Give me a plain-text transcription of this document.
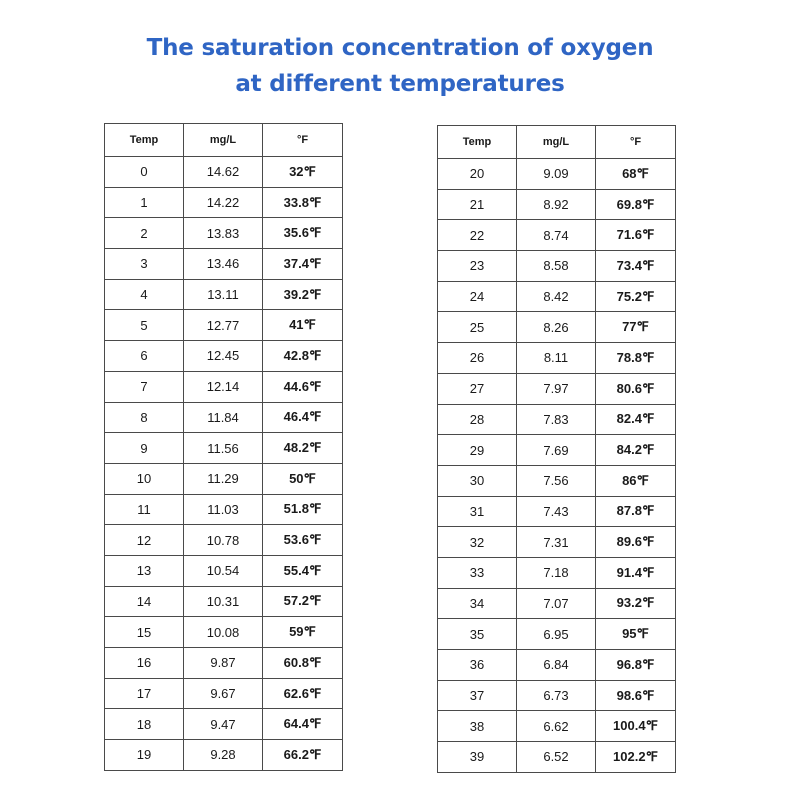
The saturation concentration of oxygen
at different temperatures
Temp	mg/L	°F
0	14.62	32℉
1	14.22	33.8℉
2	13.83	35.6℉
3	13.46	37.4℉
4	13.11	39.2℉
5	12.77	41℉
6	12.45	42.8℉
7	12.14	44.6℉
8	11.84	46.4℉
9	11.56	48.2℉
10	11.29	50℉
11	11.03	51.8℉
12	10.78	53.6℉
13	10.54	55.4℉
14	10.31	57.2℉
15	10.08	59℉
16	9.87	60.8℉
17	9.67	62.6℉
18	9.47	64.4℉
19	9.28	66.2℉
Temp	mg/L	°F
20	9.09	68℉
21	8.92	69.8℉
22	8.74	71.6℉
23	8.58	73.4℉
24	8.42	75.2℉
25	8.26	77℉
26	8.11	78.8℉
27	7.97	80.6℉
28	7.83	82.4℉
29	7.69	84.2℉
30	7.56	86℉
31	7.43	87.8℉
32	7.31	89.6℉
33	7.18	91.4℉
34	7.07	93.2℉
35	6.95	95℉
36	6.84	96.8℉
37	6.73	98.6℉
38	6.62	100.4℉
39	6.52	102.2℉
